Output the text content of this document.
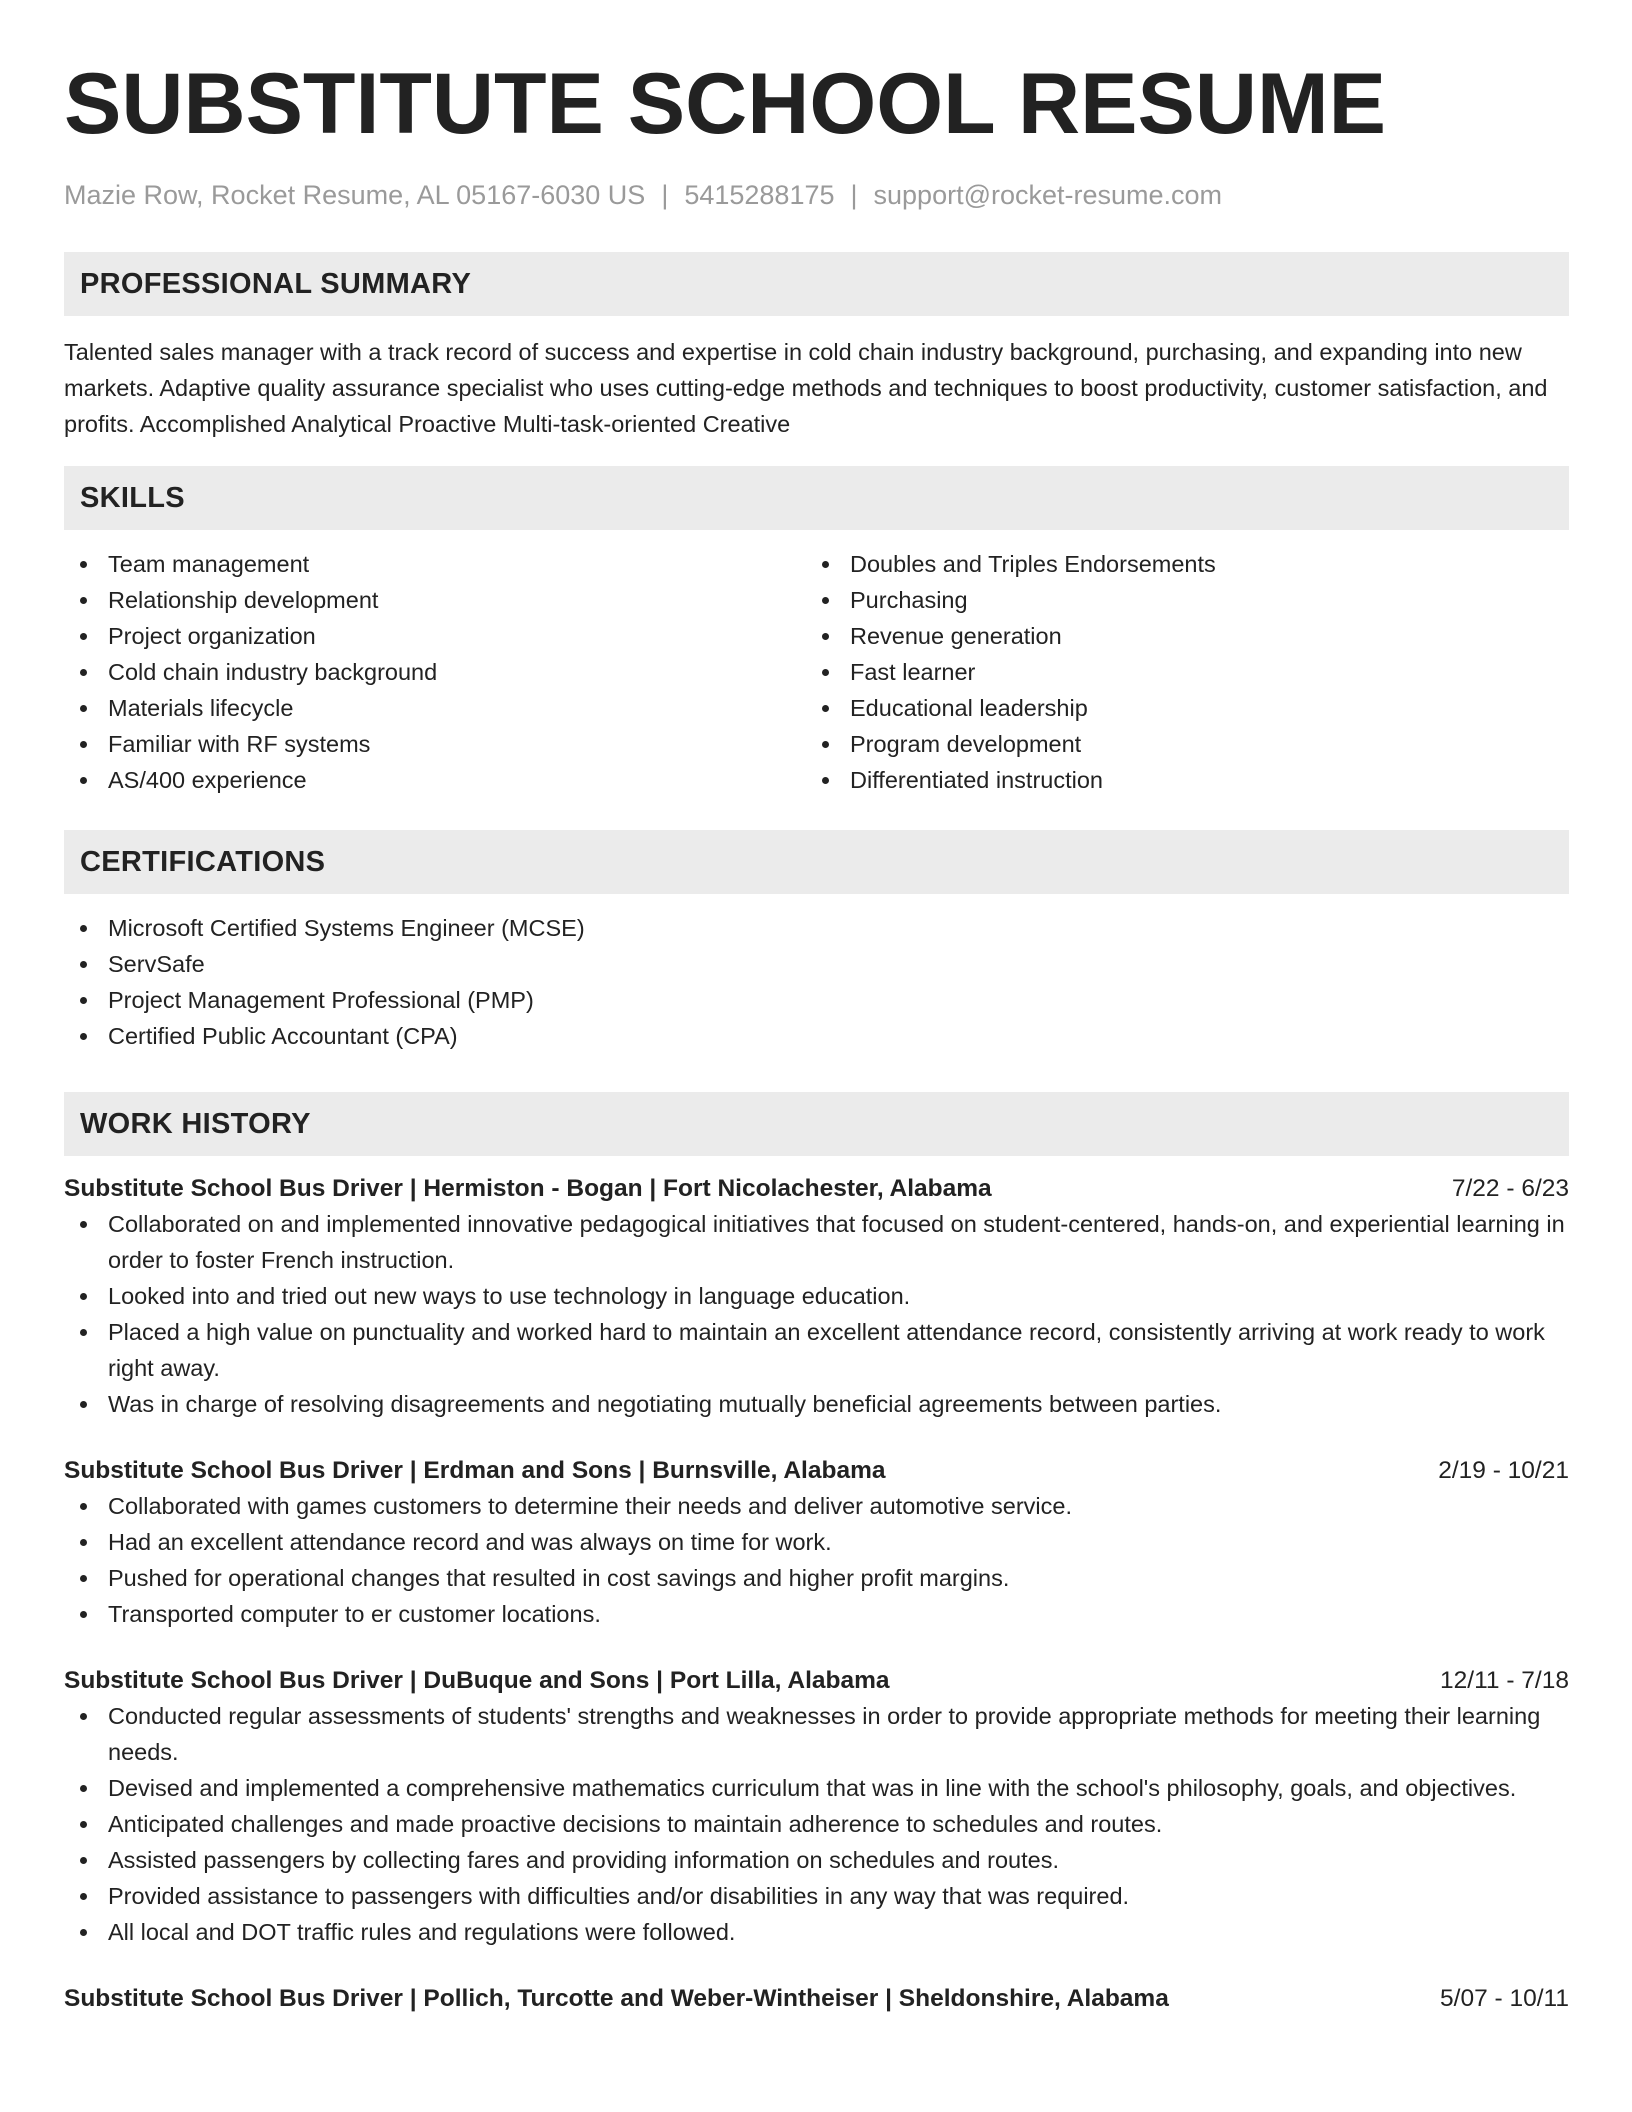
SUBSTITUTE SCHOOL RESUME
Mazie Row, Rocket Resume, AL 05167-6030 US | 5415288175 | support@rocket-resume.com
PROFESSIONAL SUMMARY

Talented sales manager with a track record of success and expertise in cold chain industry background, purchasing, and expanding into new markets. Adaptive quality assurance specialist who uses cutting-edge methods and techniques to boost productivity, customer satisfaction, and profits. Accomplished Analytical Proactive Multi-task-oriented Creative

SKILLS
Team management
Relationship development
Project organization
Cold chain industry background
Materials lifecycle
Familiar with RF systems
AS/400 experience
Doubles and Triples Endorsements
Purchasing
Revenue generation
Fast learner
Educational leadership
Program development
Differentiated instruction
CERTIFICATIONS
Microsoft Certified Systems Engineer (MCSE)
ServSafe
Project Management Professional (PMP)
Certified Public Accountant (CPA)
WORK HISTORY
Substitute School Bus Driver | Hermiston - Bogan | Fort Nicolachester, Alabama	7/22 - 6/23
Collaborated on and implemented innovative pedagogical initiatives that focused on student-centered, hands-on, and experiential learning in order to foster French instruction.
Looked into and tried out new ways to use technology in language education.
Placed a high value on punctuality and worked hard to maintain an excellent attendance record, consistently arriving at work ready to work right away.
Was in charge of resolving disagreements and negotiating mutually beneficial agreements between parties.
Substitute School Bus Driver | Erdman and Sons | Burnsville, Alabama	2/19 - 10/21
Collaborated with games customers to determine their needs and deliver automotive service.
Had an excellent attendance record and was always on time for work.
Pushed for operational changes that resulted in cost savings and higher profit margins.
Transported computer to er customer locations.
Substitute School Bus Driver | DuBuque and Sons | Port Lilla, Alabama	12/11 - 7/18
Conducted regular assessments of students' strengths and weaknesses in order to provide appropriate methods for meeting their learning needs.
Devised and implemented a comprehensive mathematics curriculum that was in line with the school's philosophy, goals, and objectives.
Anticipated challenges and made proactive decisions to maintain adherence to schedules and routes.
Assisted passengers by collecting fares and providing information on schedules and routes.
Provided assistance to passengers with difficulties and/or disabilities in any way that was required.
All local and DOT traffic rules and regulations were followed.
Substitute School Bus Driver | Pollich, Turcotte and Weber-Wintheiser | Sheldonshire, Alabama	5/07 - 10/11
